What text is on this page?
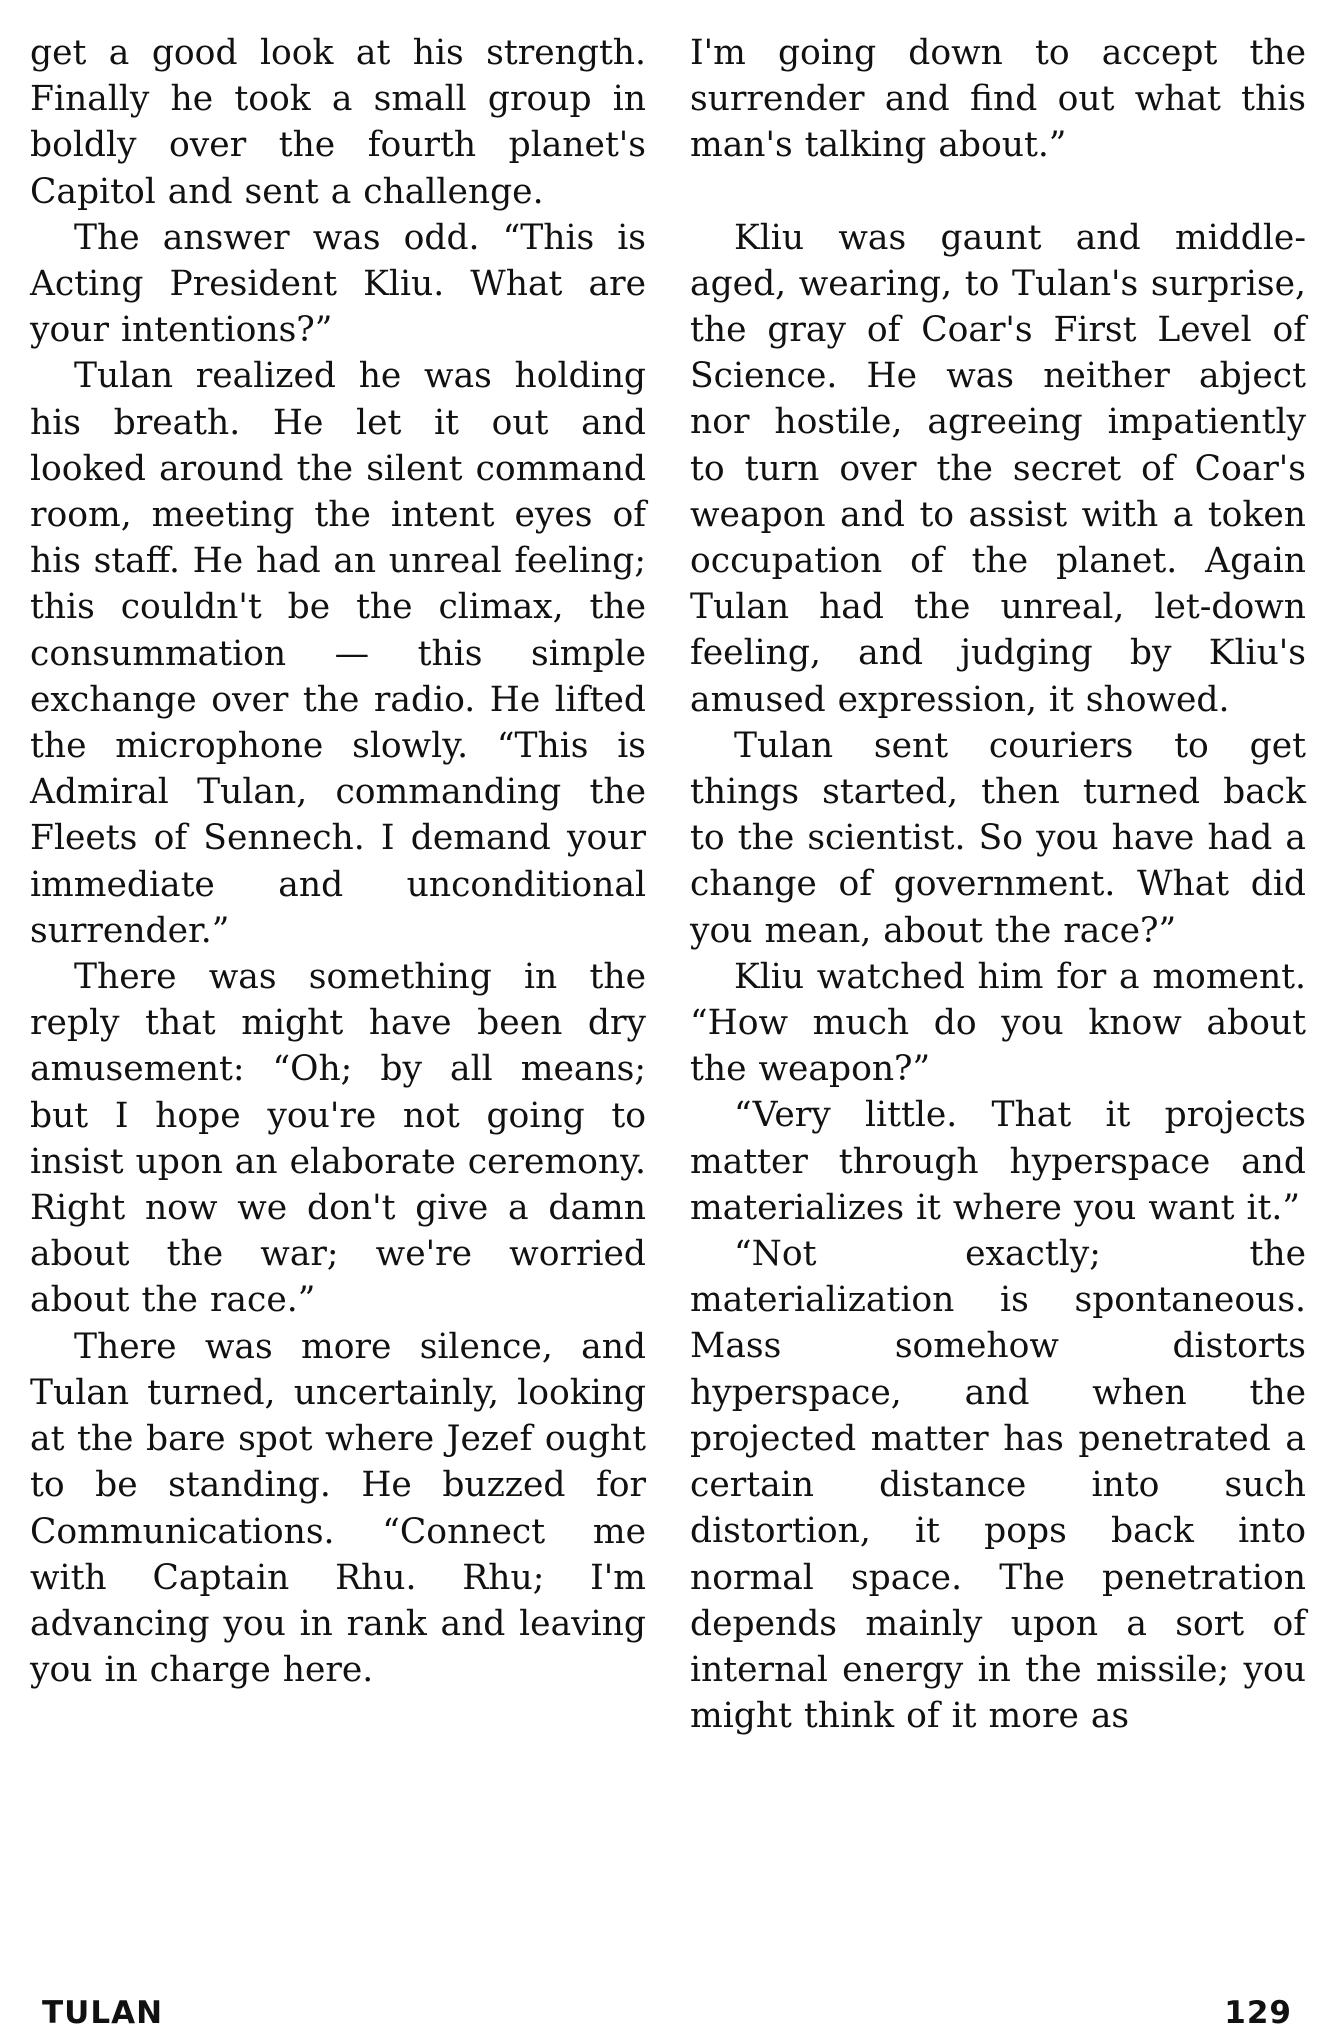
get a good look at his strength. Finally he took a small group in boldly over the fourth planet's Capitol and sent a challenge.

The answer was odd. “This is Acting President Kliu. What are your intentions?”

Tulan realized he was holding his breath. He let it out and looked around the silent command room, meeting the intent eyes of his staff. He had an unreal feeling; this couldn't be the climax, the consummation — this simple exchange over the radio. He lifted the microphone slowly. “This is Admiral Tulan, commanding the Fleets of Sennech. I demand your immediate and unconditional surrender.”

There was something in the reply that might have been dry amusement: “Oh; by all means; but I hope you're not going to insist upon an elaborate ceremony. Right now we don't give a damn about the war; we're worried about the race.”

There was more silence, and Tulan turned, uncertainly, looking at the bare spot where Jezef ought to be standing. He buzzed for Communications. “Connect me with Captain Rhu. Rhu; I'm advancing you in rank and leaving you in charge here.

I'm going down to accept the surrender and find out what this man's talking about.”

Kliu was gaunt and middle-aged, wearing, to Tulan's surprise, the gray of Coar's First Level of Science. He was neither abject nor hostile, agreeing impatiently to turn over the secret of Coar's weapon and to assist with a token occupation of the planet. Again Tulan had the unreal, let-down feeling, and judging by Kliu's amused expression, it showed.

Tulan sent couriers to get things started, then turned back to the scientist. So you have had a change of government. What did you mean, about the race?”

Kliu watched him for a moment. “How much do you know about the weapon?”

“Very little. That it projects matter through hyperspace and materializes it where you want it.”

“Not exactly; the materialization is spontaneous. Mass somehow distorts hyperspace, and when the projected matter has penetrated a certain distance into such distortion, it pops back into normal space. The penetration depends mainly upon a sort of internal energy in the missile; you might think of it more as

TULAN	129
